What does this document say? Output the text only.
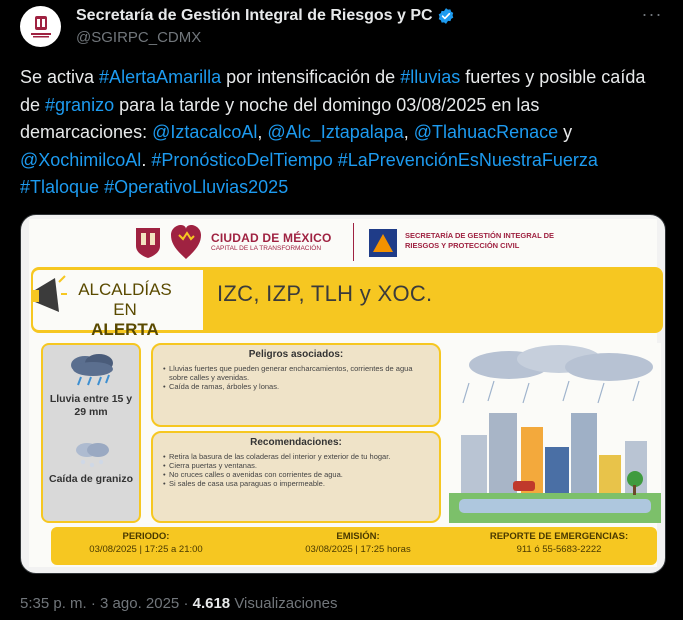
Secretaría de Gestión Integral de Riesgos y PC
@SGIRPC_CDMX
···
Se activa #AlertaAmarilla por intensificación de #lluvias fuertes y posible caída de #granizo para la tarde y noche del domingo 03/08/2025 en las demarcaciones: @IztacalcoAl, @Alc_Iztapalapa, @TlahuacRenace y @XochimilcoAl. #PronósticoDelTiempo #LaPrevenciónEsNuestraFuerza #Tlaloque #OperativoLluvias2025
CIUDAD DE MÉXICO
CAPITAL DE LA TRANSFORMACIÓN
SECRETARÍA DE GESTIÓN INTEGRAL DE RIESGOS Y PROTECCIÓN CIVIL
ALCALDÍAS EN
ALERTA
IZC, IZP, TLH y XOC.
Lluvia entre 15 y 29 mm
Caída de granizo
Peligros asociados:
• Lluvias fuertes que pueden generar encharcamientos, corrientes de agua sobre calles y avenidas.
• Caída de ramas, árboles y lonas.
Recomendaciones:
• Retira la basura de las coladeras del interior y exterior de tu hogar.
• Cierra puertas y ventanas.
• No cruces calles o avenidas con corrientes de agua.
• Si sales de casa usa paraguas o impermeable.
PERIODO:
03/08/2025 | 17:25 a 21:00
EMISIÓN:
03/08/2025 | 17:25 horas
REPORTE DE EMERGENCIAS:
911 ó 55-5683-2222
5:35 p. m. · 3 ago. 2025 · 4.618 Visualizaciones
